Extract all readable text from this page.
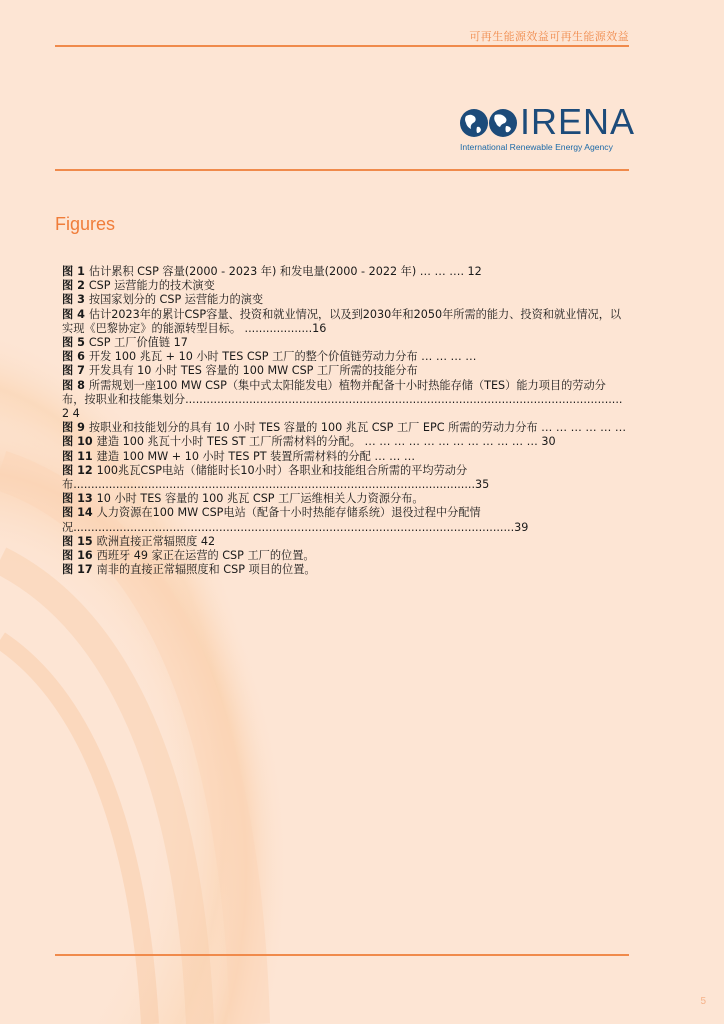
可再生能源效益可再生能源效益
IRENA
International Renewable Energy Agency
Figures

图 1 估计累积 CSP 容量(2000 - 2023 年) 和发电量(2000 - 2022 年) … … …. 12

图 2 CSP 运营能力的技术演变

图 3 按国家划分的 CSP 运营能力的演变

图 4 估计2023年的累计CSP容量、投资和就业情况，以及到2030年和2050年所需的能力、投资和就业情况，以实现《巴黎协定》的能源转型目标。 ...................16

图 5 CSP 工厂价值链 17

图 6 开发 100 兆瓦 + 10 小时 TES CSP 工厂的整个价值链劳动力分布 … … … …

图 7 开发具有 10 小时 TES 容量的 100 MW CSP 工厂所需的技能分布

图 8 所需规划一座100 MW CSP（集中式太阳能发电）植物并配备十小时热能存储（TES）能力项目的劳动分布，按职业和技能集划分...........................................................................................................................2 4

图 9 按职业和技能划分的具有 10 小时 TES 容量的 100 兆瓦 CSP 工厂 EPC 所需的劳动力分布 … … … … … …

图 10 建造 100 兆瓦十小时 TES ST 工厂所需材料的分配。 … … … … … … … … … … … … 30

图 11 建造 100 MW + 10 小时 TES PT 装置所需材料的分配 … … …

图 12 100兆瓦CSP电站（储能时长10小时）各职业和技能组合所需的平均劳动分布.................................................................................................................35

图 13 10 小时 TES 容量的 100 兆瓦 CSP 工厂运维相关人力资源分布。

图 14 人力资源在100 MW CSP电站（配备十小时热能存储系统）退役过程中分配情况............................................................................................................................39

图 15 欧洲直接正常辐照度 42

图 16 西班牙 49 家正在运营的 CSP 工厂的位置。

图 17 南非的直接正常辐照度和 CSP 项目的位置。

5
